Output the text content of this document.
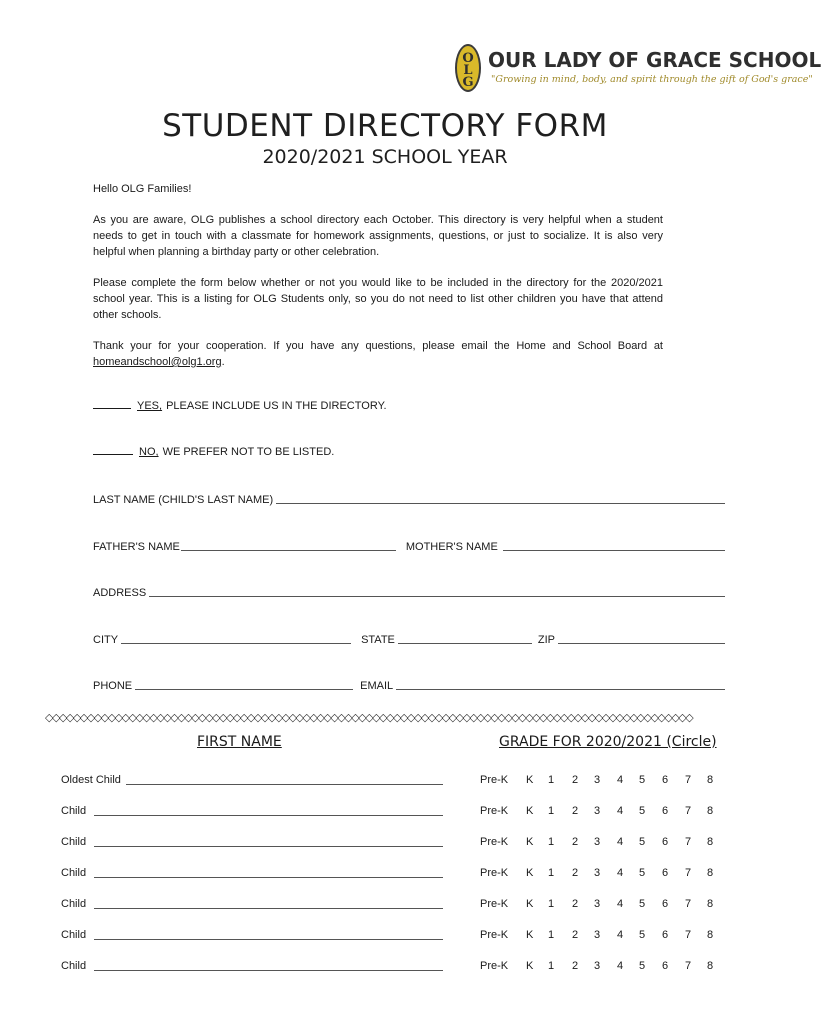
O
L
G
OUR LADY OF GRACE SCHOOL
"Growing in mind, body, and spirit through the gift of God's grace"
STUDENT DIRECTORY FORM
2020/2021 SCHOOL YEAR
Hello OLG Families!
As you are aware, OLG publishes a school directory each October. This directory is very helpful when a student needs to get in touch with a classmate for homework assignments, questions, or just to socialize. It is also very helpful when planning a birthday party or other celebration.
Please complete the form below whether or not you would like to be included in the directory for the 2020/2021 school year. This is a listing for OLG Students only, so you do not need to list other children you have that attend other schools.
Thank your for your cooperation. If you have any questions, please email the Home and School Board at homeandschool@olg1.org.
YES, PLEASE INCLUDE US IN THE DIRECTORY.
NO, WE PREFER NOT TO BE LISTED.
LAST NAME (CHILD'S LAST NAME)
FATHER'S NAME	MOTHER'S NAME
ADDRESS
CITY	STATE	ZIP
PHONE	EMAIL
◇◇◇◇◇◇◇◇◇◇◇◇◇◇◇◇◇◇◇◇◇◇◇◇◇◇◇◇◇◇◇◇◇◇◇◇◇◇◇◇◇◇◇◇◇◇◇◇◇◇◇◇◇◇◇◇◇◇◇◇◇◇◇◇◇◇◇◇◇◇◇◇◇◇◇◇◇◇◇◇◇◇◇◇◇◇◇◇◇◇◇◇◇
FIRST NAME	GRADE FOR 2020/2021 (Circle)
Oldest Child	Pre-K K 1 2 3 4 5 6 7 8
Child	Pre-K K 1 2 3 4 5 6 7 8
Child	Pre-K K 1 2 3 4 5 6 7 8
Child	Pre-K K 1 2 3 4 5 6 7 8
Child	Pre-K K 1 2 3 4 5 6 7 8
Child	Pre-K K 1 2 3 4 5 6 7 8
Child	Pre-K K 1 2 3 4 5 6 7 8
